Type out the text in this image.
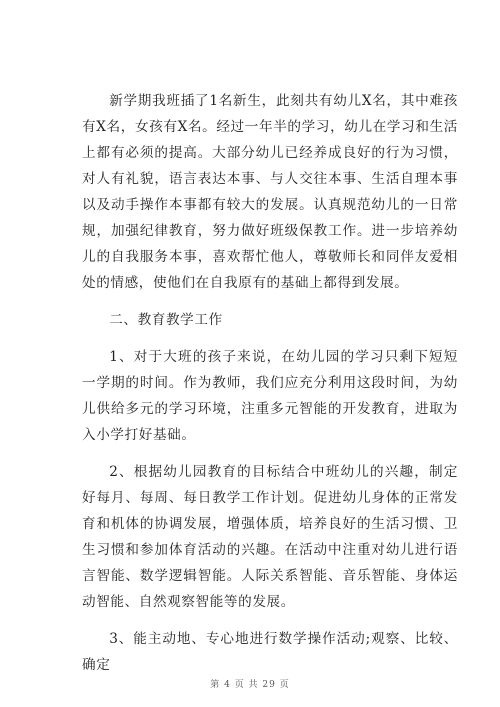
新学期我班插了1名新生，此刻共有幼儿X名，其中难孩有X名，女孩有X名。经过一年半的学习，幼儿在学习和生活上都有必须的提高。大部分幼儿已经养成良好的行为习惯，对人有礼貌，语言表达本事、与人交往本事、生活自理本事以及动手操作本事都有较大的发展。认真规范幼儿的一日常规，加强纪律教育，努力做好班级保教工作。进一步培养幼儿的自我服务本事，喜欢帮忙他人，尊敬师长和同伴友爱相处的情感，使他们在自我原有的基础上都得到发展。

二、教育教学工作

1、对于大班的孩子来说，在幼儿园的学习只剩下短短一学期的时间。作为教师，我们应充分利用这段时间，为幼儿供给多元的学习环境，注重多元智能的开发教育，进取为入小学打好基础。

2、根据幼儿园教育的目标结合中班幼儿的兴趣，制定好每月、每周、每日教学工作计划。促进幼儿身体的正常发育和机体的协调发展，增强体质，培养良好的生活习惯、卫生习惯和参加体育活动的兴趣。在活动中注重对幼儿进行语言智能、数学逻辑智能。人际关系智能、音乐智能、身体运动智能、自然观察智能等的发展。

3、能主动地、专心地进行数学操作活动;观察、比较、确定

第 4 页 共 29 页
